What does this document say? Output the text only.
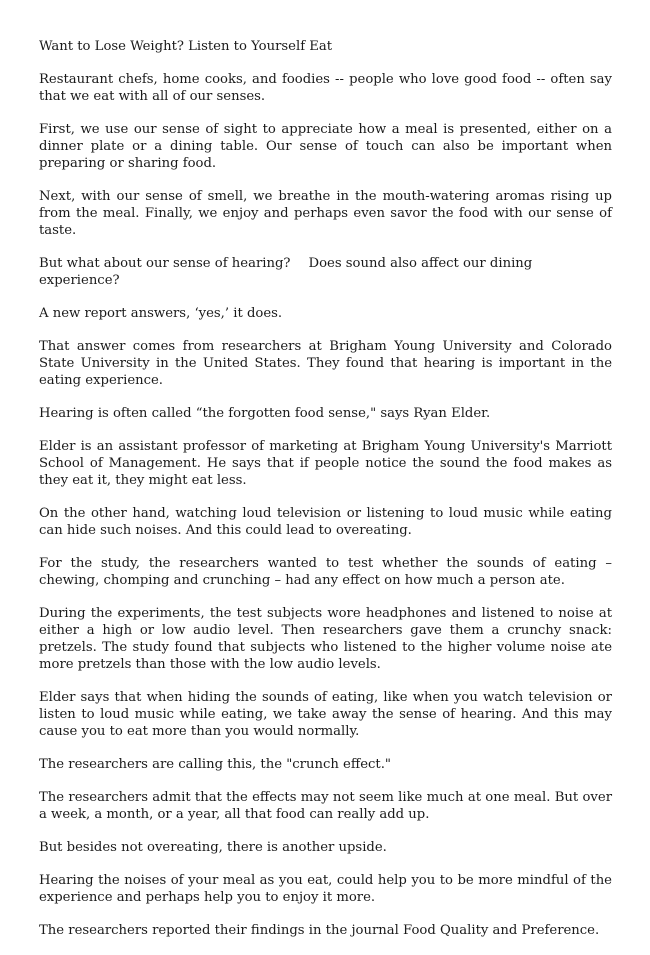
Want to Lose Weight? Listen to Yourself Eat

Restaurant chefs, home cooks, and foodies -- people who love good food -- often say that we eat with all of our senses.

First, we use our sense of sight to appreciate how a meal is presented, either on a dinner plate or a dining table. Our sense of touch can also be important when preparing or sharing food.

Next, with our sense of smell, we breathe in the mouth-watering aromas rising up from the meal. Finally, we enjoy and perhaps even savor the food with our sense of taste.

But what about our sense of hearing? Does sound also affect our dining experience?

A new report answers, ‘yes,’ it does.

That answer comes from researchers at Brigham Young University and Colorado State University in the United States. They found that hearing is important in the eating experience.

Hearing is often called “the forgotten food sense," says Ryan Elder.

Elder is an assistant professor of marketing at Brigham Young University's Marriott School of Management. He says that if people notice the sound the food makes as they eat it, they might eat less.

On the other hand, watching loud television or listening to loud music while eating can hide such noises. And this could lead to overeating.

For the study, the researchers wanted to test whether the sounds of eating – chewing, chomping and crunching – had any effect on how much a person ate.

During the experiments, the test subjects wore headphones and listened to noise at either a high or low audio level. Then researchers gave them a crunchy snack: pretzels. The study found that subjects who listened to the higher volume noise ate more pretzels than those with the low audio levels.

Elder says that when hiding the sounds of eating, like when you watch television or listen to loud music while eating, we take away the sense of hearing. And this may cause you to eat more than you would normally.

The researchers are calling this, the "crunch effect."

The researchers admit that the effects may not seem like much at one meal. But over a week, a month, or a year, all that food can really add up.

But besides not overeating, there is another upside.

Hearing the noises of your meal as you eat, could help you to be more mindful of the experience and perhaps help you to enjoy it more.

The researchers reported their findings in the journal Food Quality and Preference.
